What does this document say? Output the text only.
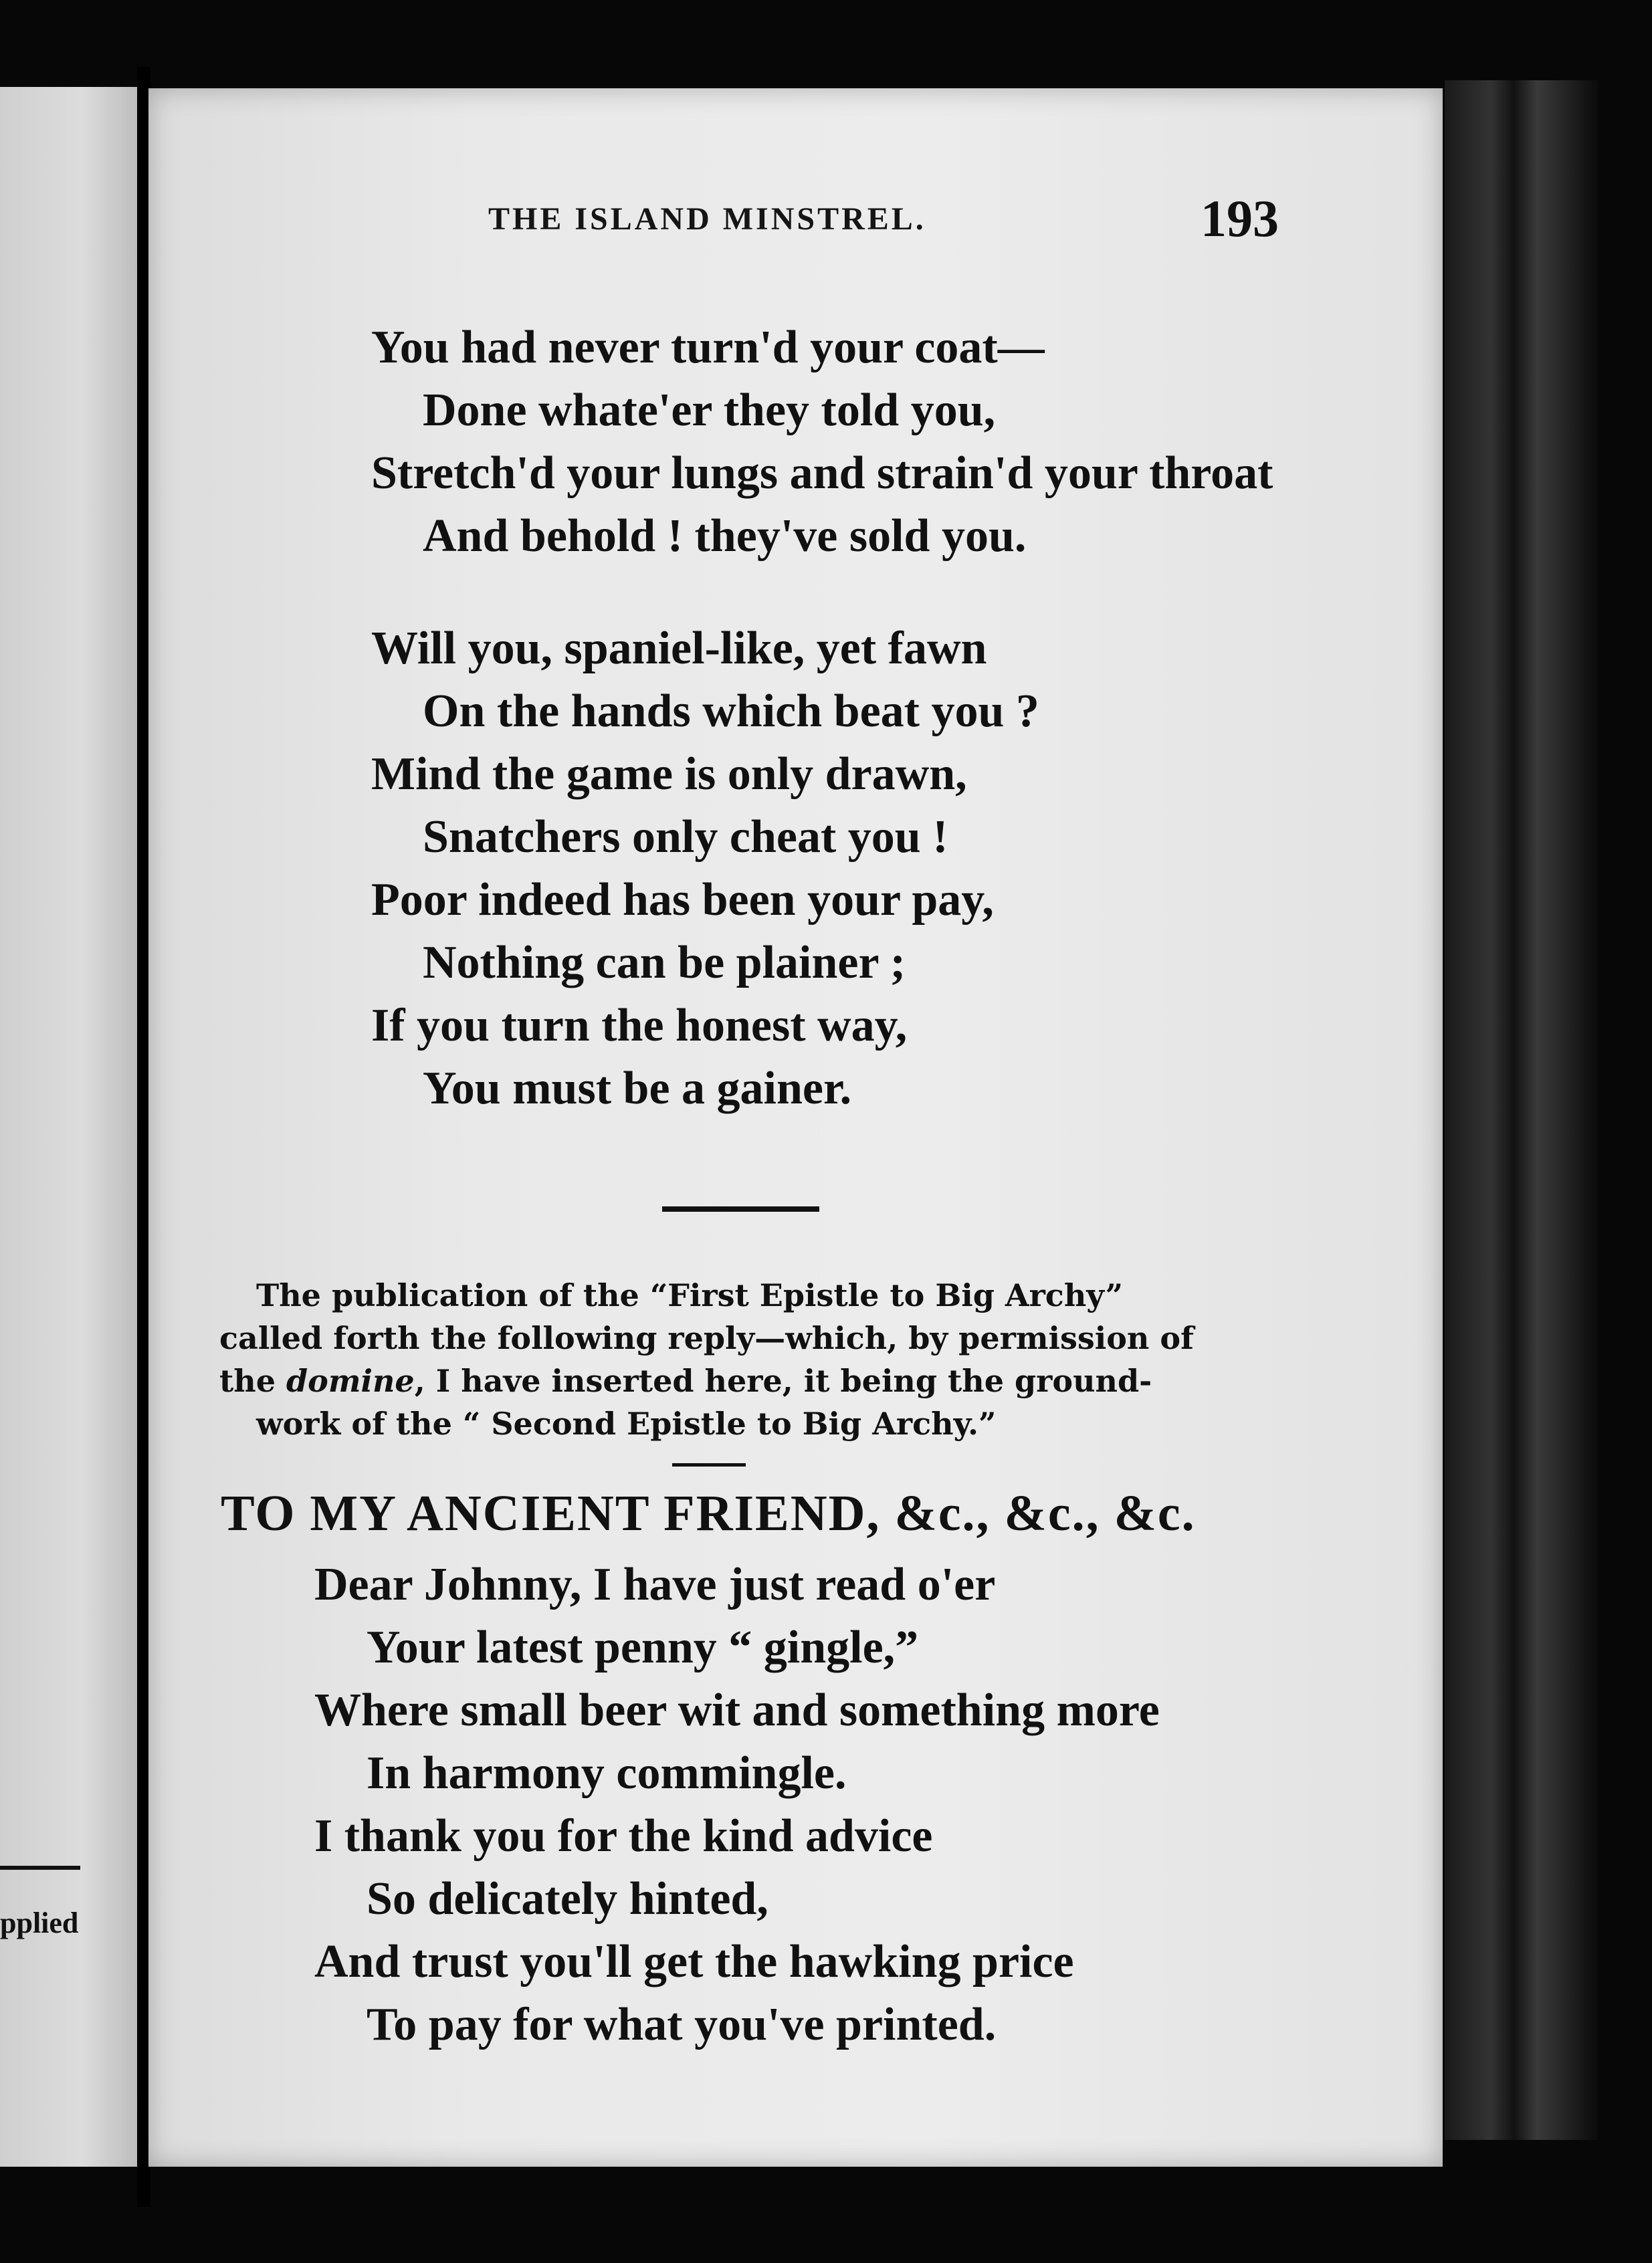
pplied
THE ISLAND MINSTREL.	193
You had never turn'd your coat—
Done whate'er they told you,
Stretch'd your lungs and strain'd your throat
And behold ! they've sold you.
Will you, spaniel-like, yet fawn
On the hands which beat you ?
Mind the game is only drawn,
Snatchers only cheat you !
Poor indeed has been your pay,
Nothing can be plainer ;
If you turn the honest way,
You must be a gainer.
The publication of the “First Epistle to Big Archy”
called forth the following reply—which, by permission of
the domine, I have inserted here, it being the ground-
work of the “ Second Epistle to Big Archy.”
TO MY ANCIENT FRIEND, &c., &c., &c.
Dear Johnny, I have just read o'er
Your latest penny “ gingle,”
Where small beer wit and something more
In harmony commingle.
I thank you for the kind advice
So delicately hinted,
And trust you'll get the hawking price
To pay for what you've printed.
